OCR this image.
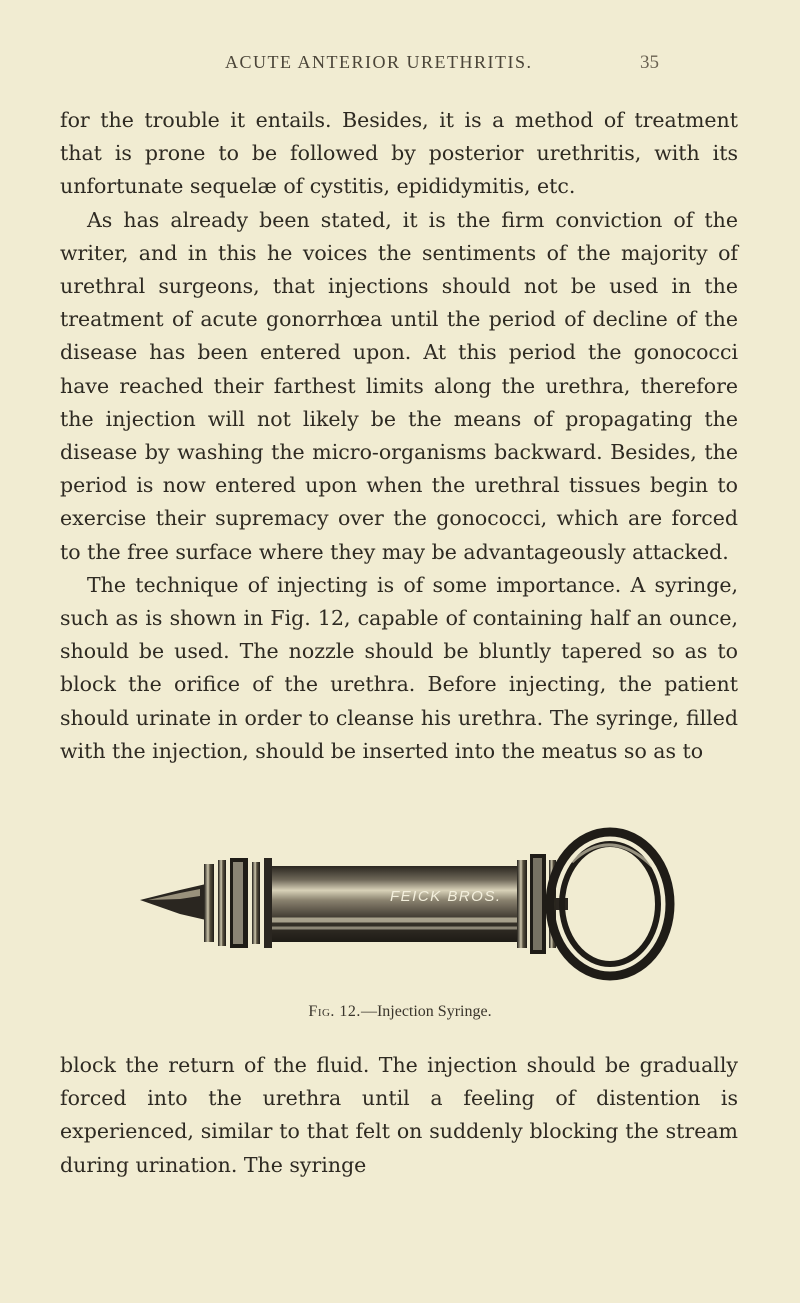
ACUTE ANTERIOR URETHRITIS.	35

for the trouble it entails. Besides, it is a method of treatment that is prone to be followed by posterior urethritis, with its unfortunate sequelæ of cystitis, epididymitis, etc.

As has already been stated, it is the firm conviction of the writer, and in this he voices the sentiments of the majority of urethral surgeons, that injections should not be used in the treatment of acute gonorrhœa until the period of decline of the disease has been entered upon. At this period the gonococci have reached their farthest limits along the urethra, therefore the injection will not likely be the means of propagating the disease by washing the micro-organisms backward. Besides, the period is now entered upon when the urethral tissues begin to exercise their supremacy over the gonococci, which are forced to the free surface where they may be advantageously attacked.

The technique of injecting is of some importance. A syringe, such as is shown in Fig. 12, capable of containing half an ounce, should be used. The nozzle should be bluntly tapered so as to block the orifice of the urethra. Before injecting, the patient should urinate in order to cleanse his urethra. The syringe, filled with the injection, should be inserted into the meatus so as to

FEICK BROS.
Fig. 12.—Injection Syringe.

block the return of the fluid. The injection should be gradually forced into the urethra until a feeling of distention is experienced, similar to that felt on suddenly blocking the stream during urination. The syringe
